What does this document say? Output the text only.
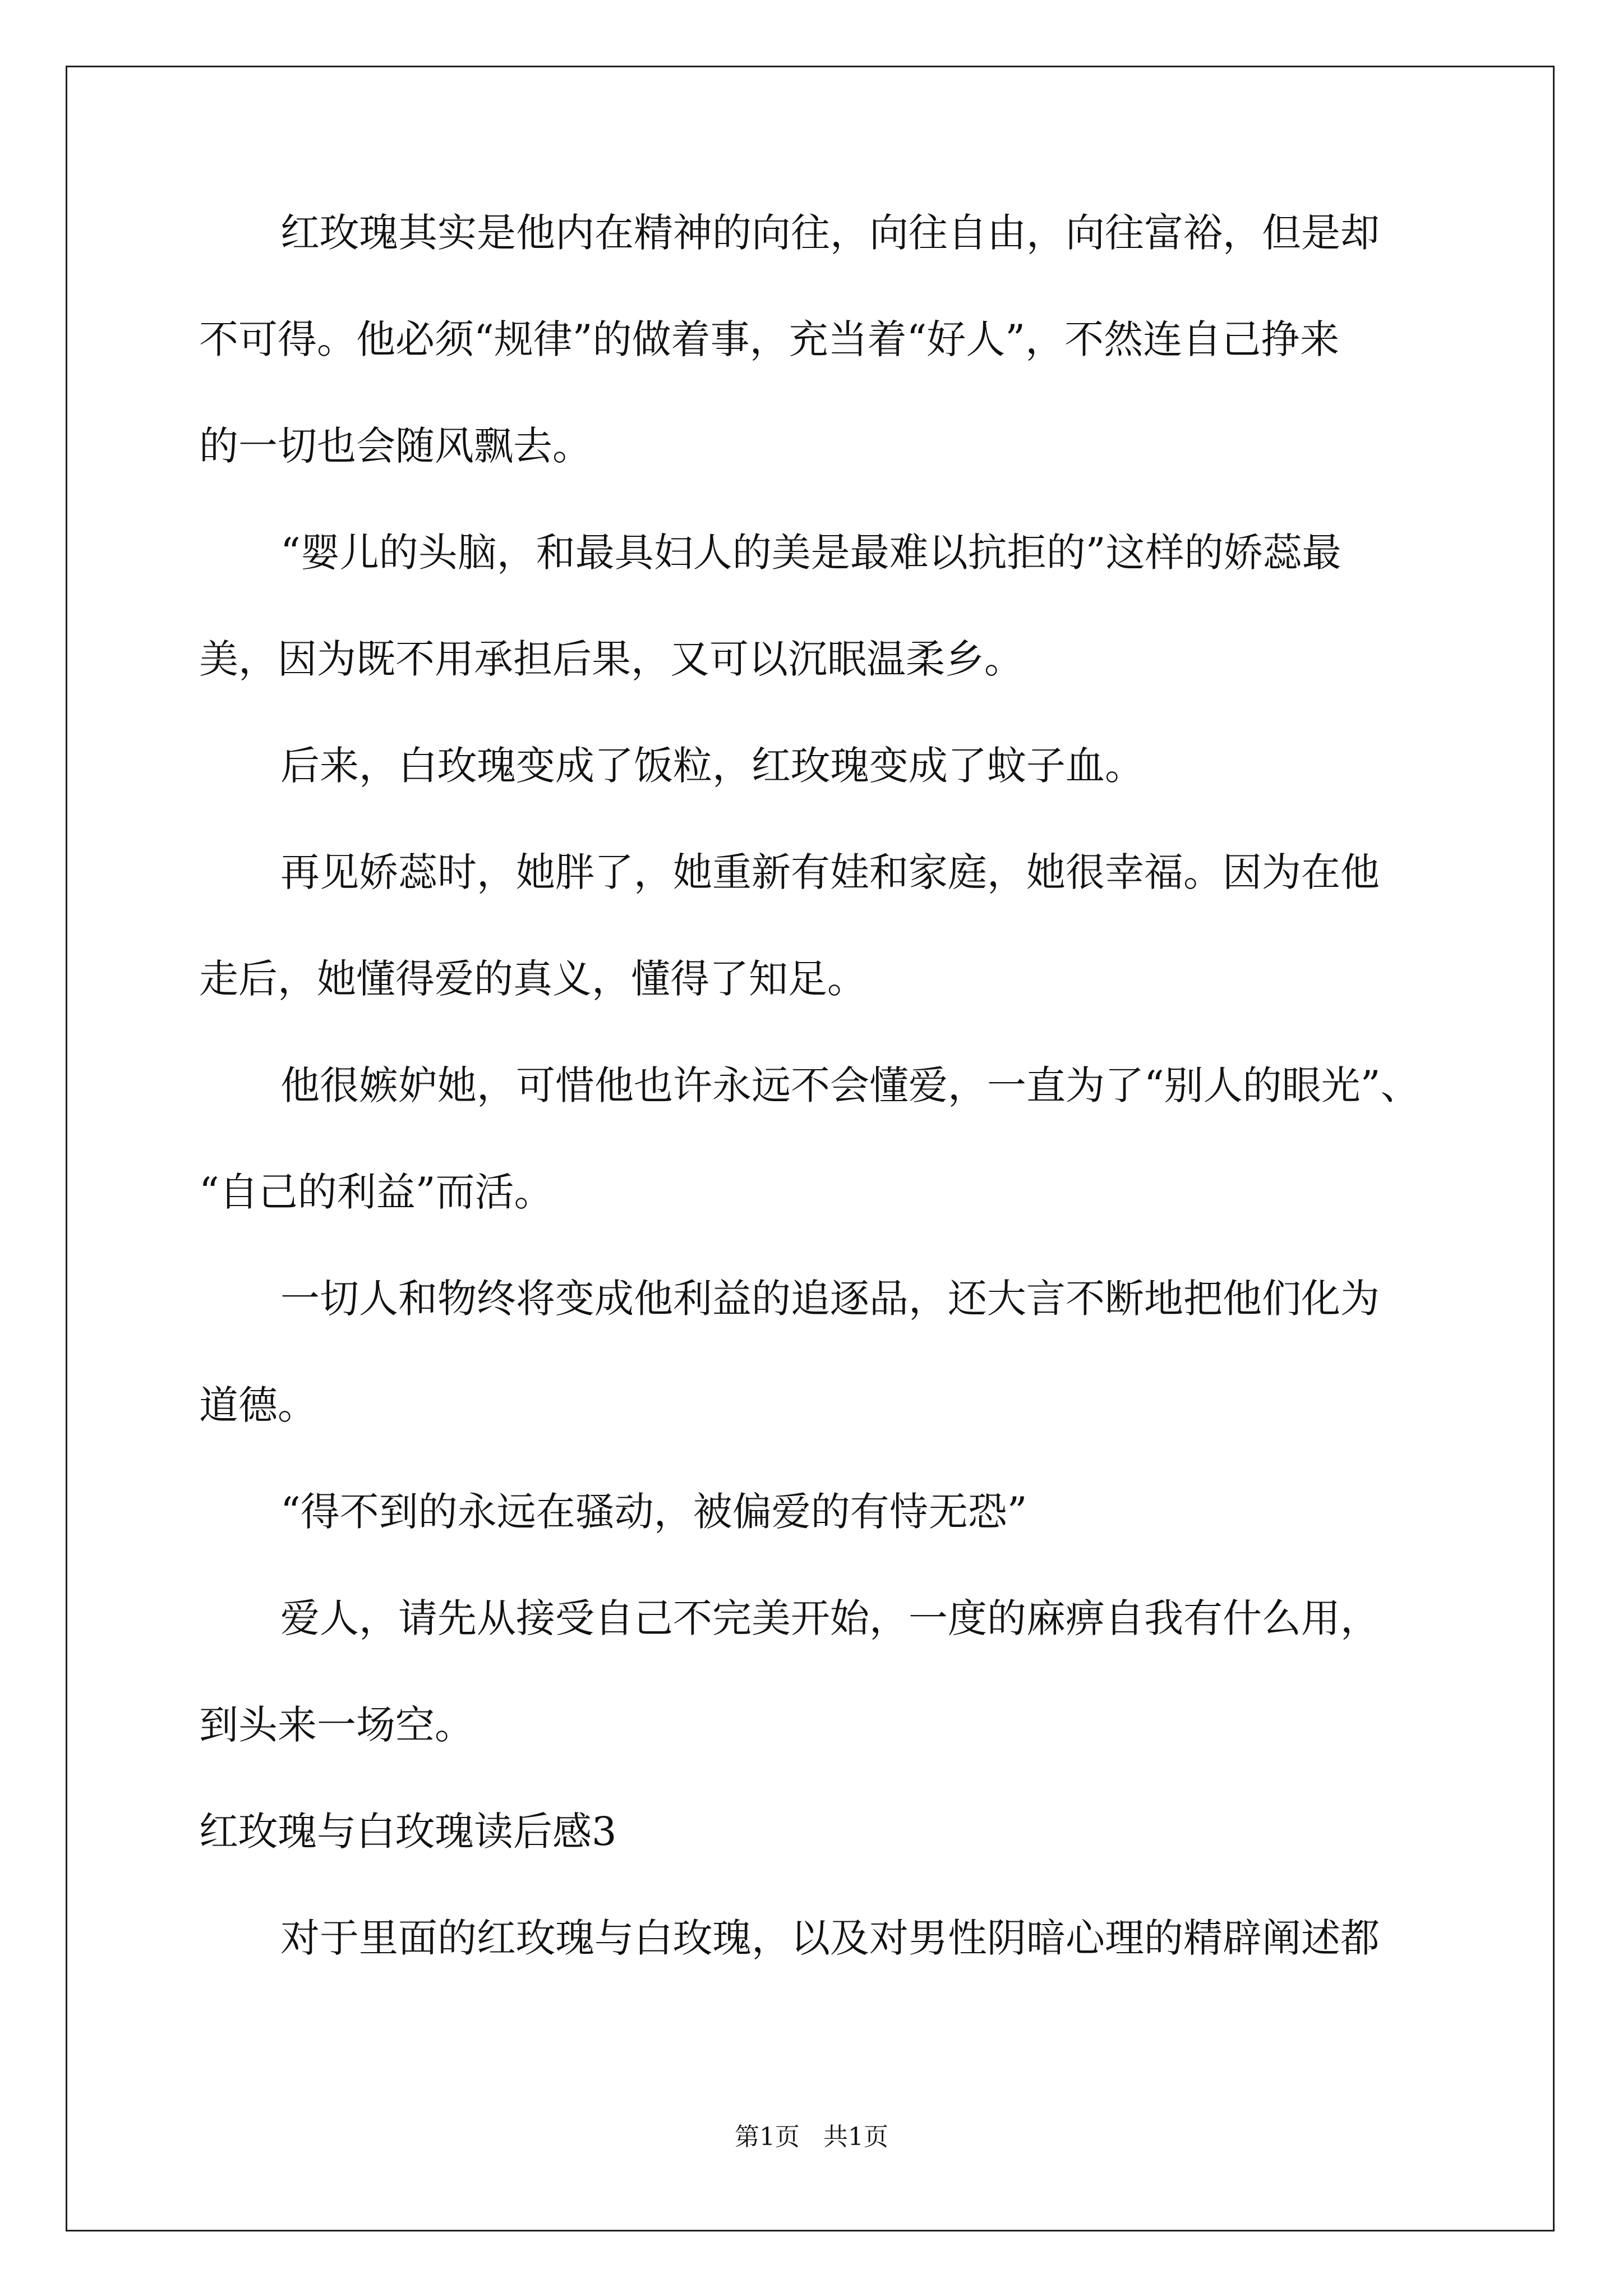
红玫瑰其实是他内在精神的向往，向往自由，向往富裕，但是却
不可得。他必须“规律”的做着事，充当着“好人”，不然连自己挣来
的一切也会随风飘去。
“婴儿的头脑，和最具妇人的美是最难以抗拒的”这样的娇蕊最
美，因为既不用承担后果，又可以沉眠温柔乡。
后来，白玫瑰变成了饭粒，红玫瑰变成了蚊子血。
再见娇蕊时，她胖了，她重新有娃和家庭，她很幸福。因为在他
走后，她懂得爱的真义，懂得了知足。
他很嫉妒她，可惜他也许永远不会懂爱，一直为了“别人的眼光”、
“自己的利益”而活。
一切人和物终将变成他利益的追逐品，还大言不断地把他们化为
道德。
“得不到的永远在骚动，被偏爱的有恃无恐”
爱人，请先从接受自己不完美开始，一度的麻痹自我有什么用，
到头来一场空。
红玫瑰与白玫瑰读后感3
对于里面的红玫瑰与白玫瑰，以及对男性阴暗心理的精辟阐述都
第1页   共1页
